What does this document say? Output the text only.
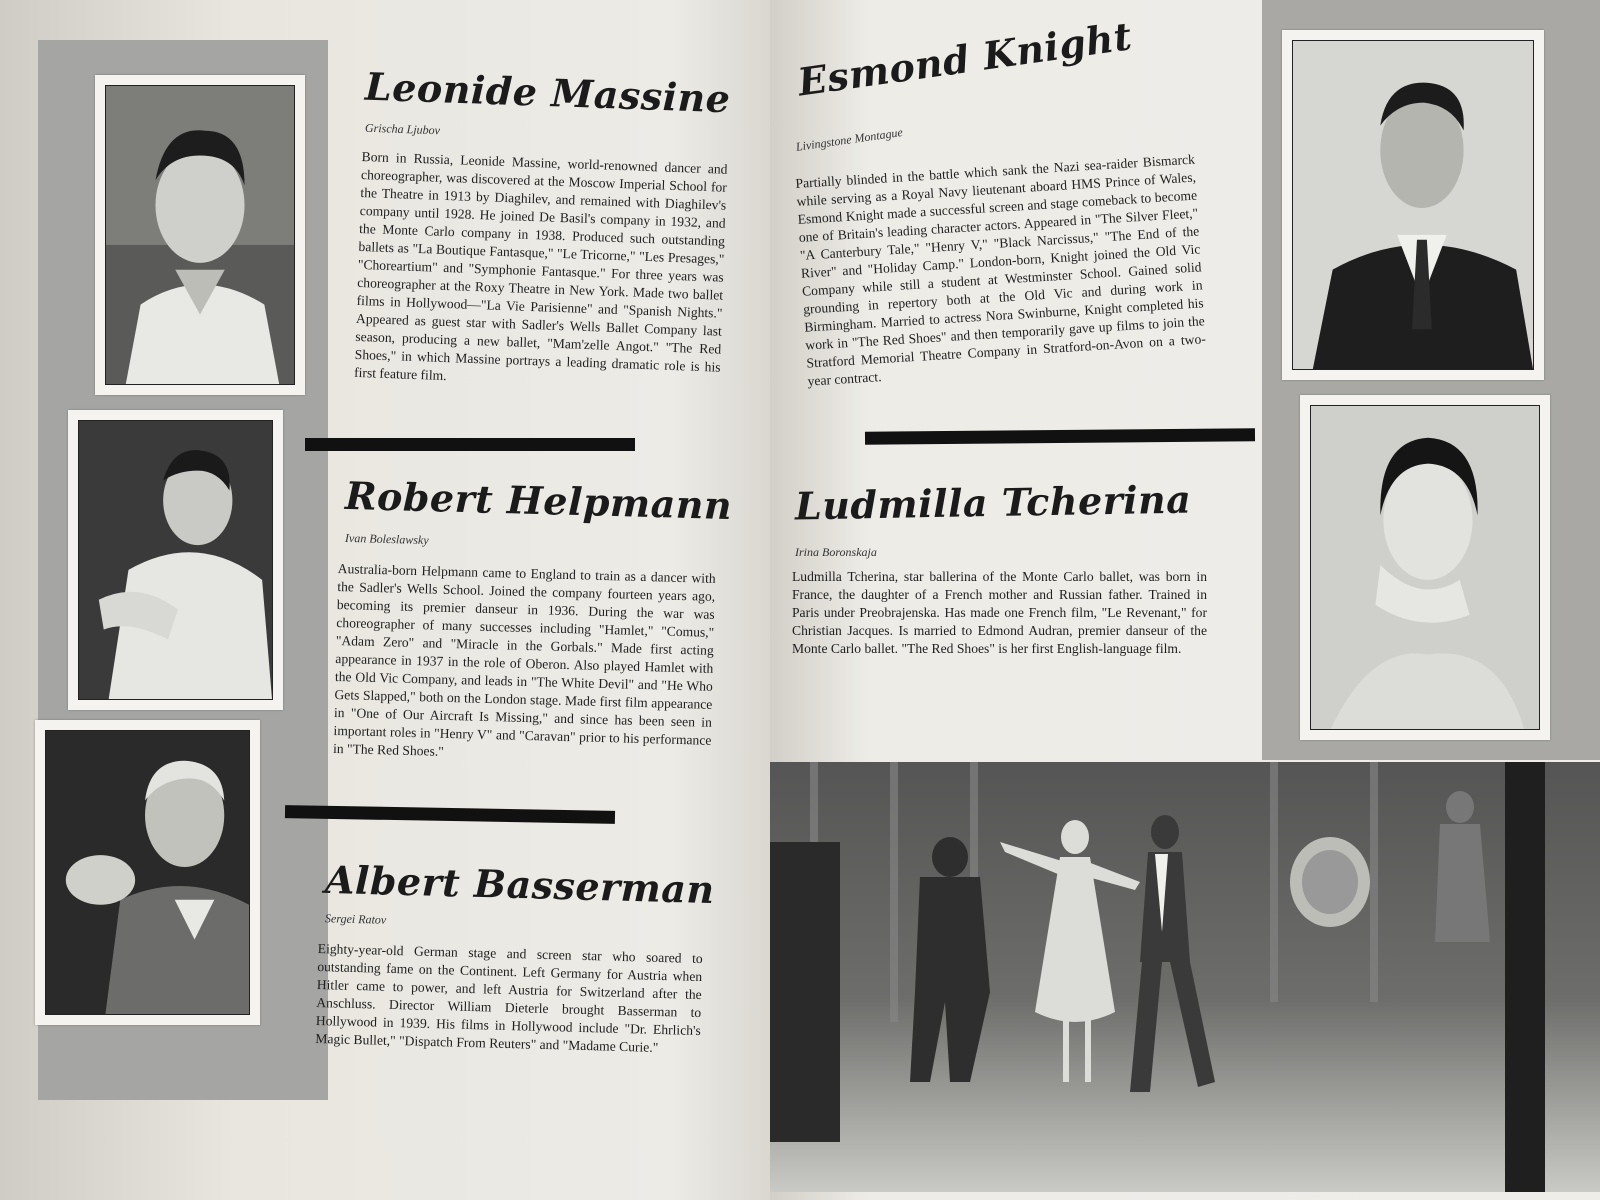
Leonide Massine
Grischa Ljubov
Born in Russia, Leonide Massine, world-renowned dancer and choreographer, was discovered at the Moscow Imperial School for the Theatre in 1913 by Diaghilev, and remained with Diaghilev's company until 1928. He joined De Basil's company in 1932, and the Monte Carlo company in 1938. Produced such outstanding ballets as "La Boutique Fantasque," "Le Tricorne," "Les Presages," "Choreartium" and "Symphonie Fantasque." For three years was choreographer at the Roxy Theatre in New York. Made two ballet films in Hollywood—"La Vie Parisienne" and "Spanish Nights." Appeared as guest star with Sadler's Wells Ballet Company last season, producing a new ballet, "Mam'zelle Angot." "The Red Shoes," in which Massine portrays a leading dramatic role is his first feature film.
Robert Helpmann
Ivan Boleslawsky
Australia-born Helpmann came to England to train as a dancer with the Sadler's Wells School. Joined the company fourteen years ago, becoming its premier danseur in 1936. During the war was choreographer of many successes including "Hamlet," "Comus," "Adam Zero" and "Miracle in the Gorbals." Made first acting appearance in 1937 in the role of Oberon. Also played Hamlet with the Old Vic Company, and leads in "The White Devil" and "He Who Gets Slapped," both on the London stage. Made first film appearance in "One of Our Aircraft Is Missing," and since has been seen in important roles in "Henry V" and "Caravan" prior to his performance in "The Red Shoes."
Albert Basserman
Sergei Ratov
Eighty-year-old German stage and screen star who soared to outstanding fame on the Continent. Left Germany for Austria when Hitler came to power, and left Austria for Switzerland after the Anschluss. Director William Dieterle brought Basserman to Hollywood in 1939. His films in Hollywood include "Dr. Ehrlich's Magic Bullet," "Dispatch From Reuters" and "Madame Curie."
Esmond Knight
Livingstone Montague
Partially blinded in the battle which sank the Nazi sea-raider Bismarck while serving as a Royal Navy lieutenant aboard HMS Prince of Wales, Esmond Knight made a successful screen and stage comeback to become one of Britain's leading character actors. Appeared in "The Silver Fleet," "A Canterbury Tale," "Henry V," "Black Narcissus," "The End of the River" and "Holiday Camp." London-born, Knight joined the Old Vic Company while still a student at Westminster School. Gained solid grounding in repertory both at the Old Vic and during work in Birmingham. Married to actress Nora Swinburne, Knight completed his work in "The Red Shoes" and then temporarily gave up films to join the Stratford Memorial Theatre Company in Stratford-on-Avon on a two-year contract.
Ludmilla Tcherina
Irina Boronskaja
Ludmilla Tcherina, star ballerina of the Monte Carlo ballet, was born in France, the daughter of a French mother and Russian father. Trained in Paris under Preobrajenska. Has made one French film, "Le Revenant," for Christian Jacques. Is married to Edmond Audran, premier danseur of the Monte Carlo ballet. "The Red Shoes" is her first English-language film.
